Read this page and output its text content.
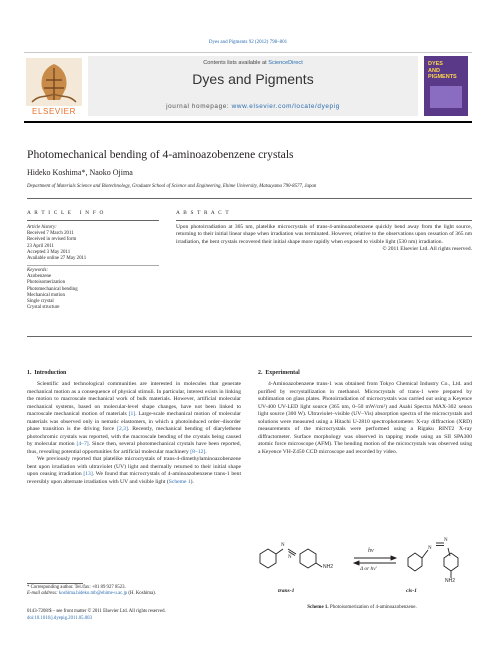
Dyes and Pigments 92 (2012) 798–801
ELSEVIER
Contents lists available at ScienceDirect
Dyes and Pigments
journal homepage: www.elsevier.com/locate/dyepig
DYES
AND
PIGMENTS
Photomechanical bending of 4-aminoazobenzene crystals
Hideko Koshima*, Naoko Ojima
Department of Materials Science and Biotechnology, Graduate School of Science and Engineering, Ehime University, Matsuyama 790-8577, Japan
A R T I C L E   I N F O
Article history:
Received 7 March 2011
Received in revised form
23 April 2011
Accepted 3 May 2011
Available online 27 May 2011
Keywords:
Azobenzene
Photoisomerization
Photomechanical bending
Mechanical motion
Single crystal
Crystal structure
A B S T R A C T

Upon photoirradiation at 365 nm, platelike microcrystals of trans-4-aminoazobenzene quickly bend away from the light source, returning to their initial linear shape when irradiation was terminated. However, relative to the observations upon cessation of 365 nm irradiation, the bent crystals recovered their initial shape more rapidly when exposed to visible light (530 nm) irradiation.

© 2011 Elsevier Ltd. All rights reserved.

1.  Introduction

Scientific and technological communities are interested in molecules that generate mechanical motion as a consequence of physical stimuli. In particular, interest exists in linking the motion to macroscale mechanical work of bulk materials. However, artificial molecular mechanical systems, based on molecular-level shape changes, have not been linked to macroscale mechanical motion of materials [1]. Large-scale mechanical motion of molecular materials was observed only in nematic elastomers, in which a photoinduced order–disorder phase transition is the driving force [2,3]. Recently, mechanical bending of diarylethene photochromic crystals was reported, with the macroscale bending of the crystals being caused by molecular motion [4–7]. Since then, several photomechanical crystals have been reported, thus, revealing potential opportunities for artificial molecular machinery [8–12].

We previously reported that platelike microcrystals of trans-4-dimethylaminoazobenzene bent upon irradiation with ultraviolet (UV) light and thermally returned to their initial shape upon ceasing irradiation [13]. We found that microcrystals of 4-aminoazobenzene trans-1 bent reversibly upon alternate irradiation with UV and visible light (Scheme 1).

2.  Experimental

4-Aminoazobenzene trans-1 was obtained from Tokyo Chemical Industry Co., Ltd. and purified by recrystallization in methanol. Microcrystals of trans-1 were prepared by sublimation on glass plates. Photoirradiation of microcrystals was carried out using a Keyence UV-400 UV-LED light source (365 nm, 0–50 mW/cm²) and Asahi Spectra MAX-302 xenon light source (300 W). Ultraviolet–visible (UV–Vis) absorption spectra of the microcrystals and solutions were measured using a Hitachi U-2810 spectrophotometer. X-ray diffraction (XRD) measurements of the microcrystals were performed using a Rigaku RINT2 X-ray diffractometer. Surface morphology was observed in tapping mode using an SII SPA300 atomic force microscope (AFM). The bending motion of the microcrystals was observed using a Keyence VH-Z450 CCD microscope and recorded by video.

N
N
NH2
N
N
NH2
hν
Δ or hν'
trans-1	cis-1
Scheme 1. Photoisomerization of 4-aminoazobenzene.
* Corresponding author. Tel./fax: +81 89 927 8523.
E-mail address: koshima.hideko.mb@ehime-u.ac.jp (H. Koshima).
0143-7208/$ – see front matter © 2011 Elsevier Ltd. All rights reserved.
doi:10.1016/j.dyepig.2011.05.003
